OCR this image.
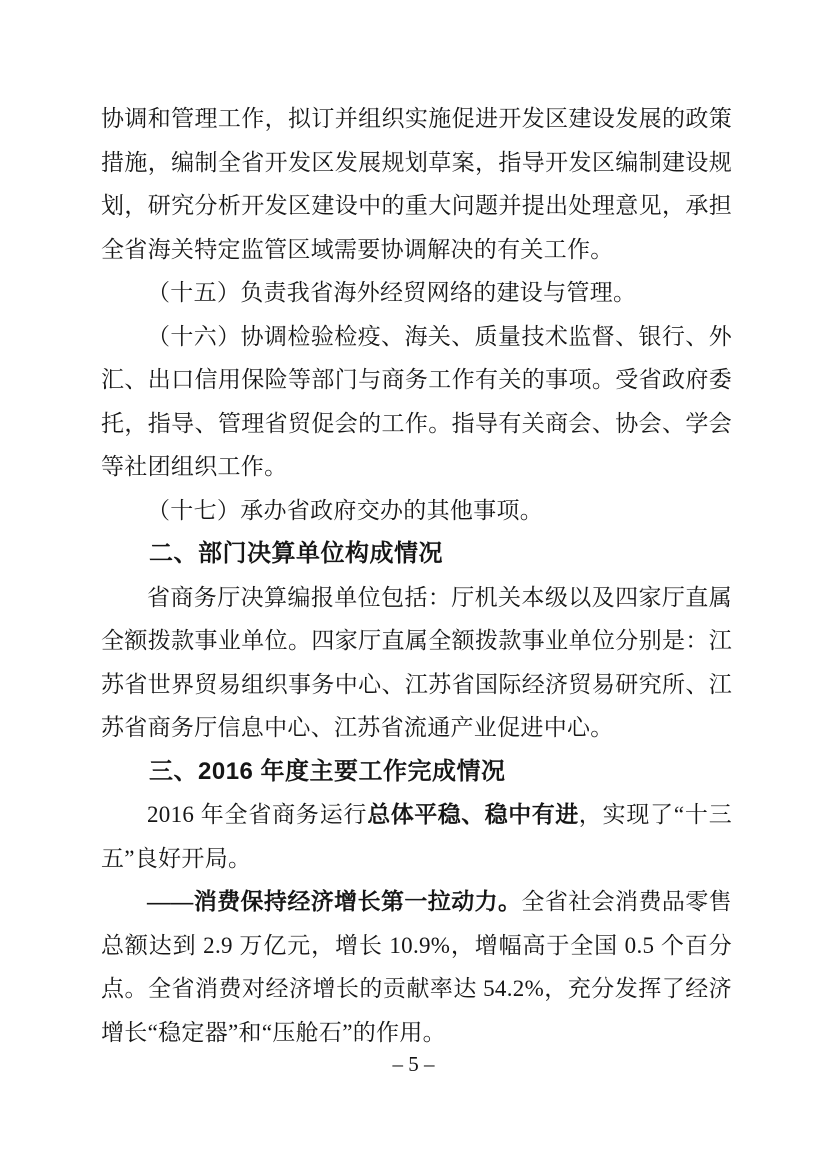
协调和管理工作，拟订并组织实施促进开发区建设发展的政策措施，编制全省开发区发展规划草案，指导开发区编制建设规划，研究分析开发区建设中的重大问题并提出处理意见，承担全省海关特定监管区域需要协调解决的有关工作。

（十五）负责我省海外经贸网络的建设与管理。

（十六）协调检验检疫、海关、质量技术监督、银行、外汇、出口信用保险等部门与商务工作有关的事项。受省政府委托，指导、管理省贸促会的工作。指导有关商会、协会、学会等社团组织工作。

（十七）承办省政府交办的其他事项。

二、部门决算单位构成情况

省商务厅决算编报单位包括：厅机关本级以及四家厅直属全额拨款事业单位。四家厅直属全额拨款事业单位分别是：江苏省世界贸易组织事务中心、江苏省国际经济贸易研究所、江苏省商务厅信息中心、江苏省流通产业促进中心。

三、2016 年度主要工作完成情况

2016 年全省商务运行总体平稳、稳中有进，实现了“十三五”良好开局。

——消费保持经济增长第一拉动力。全省社会消费品零售总额达到 2.9 万亿元，增长 10.9%，增幅高于全国 0.5 个百分点。全省消费对经济增长的贡献率达 54.2%，充分发挥了经济增长“稳定器”和“压舱石”的作用。

– 5 –
